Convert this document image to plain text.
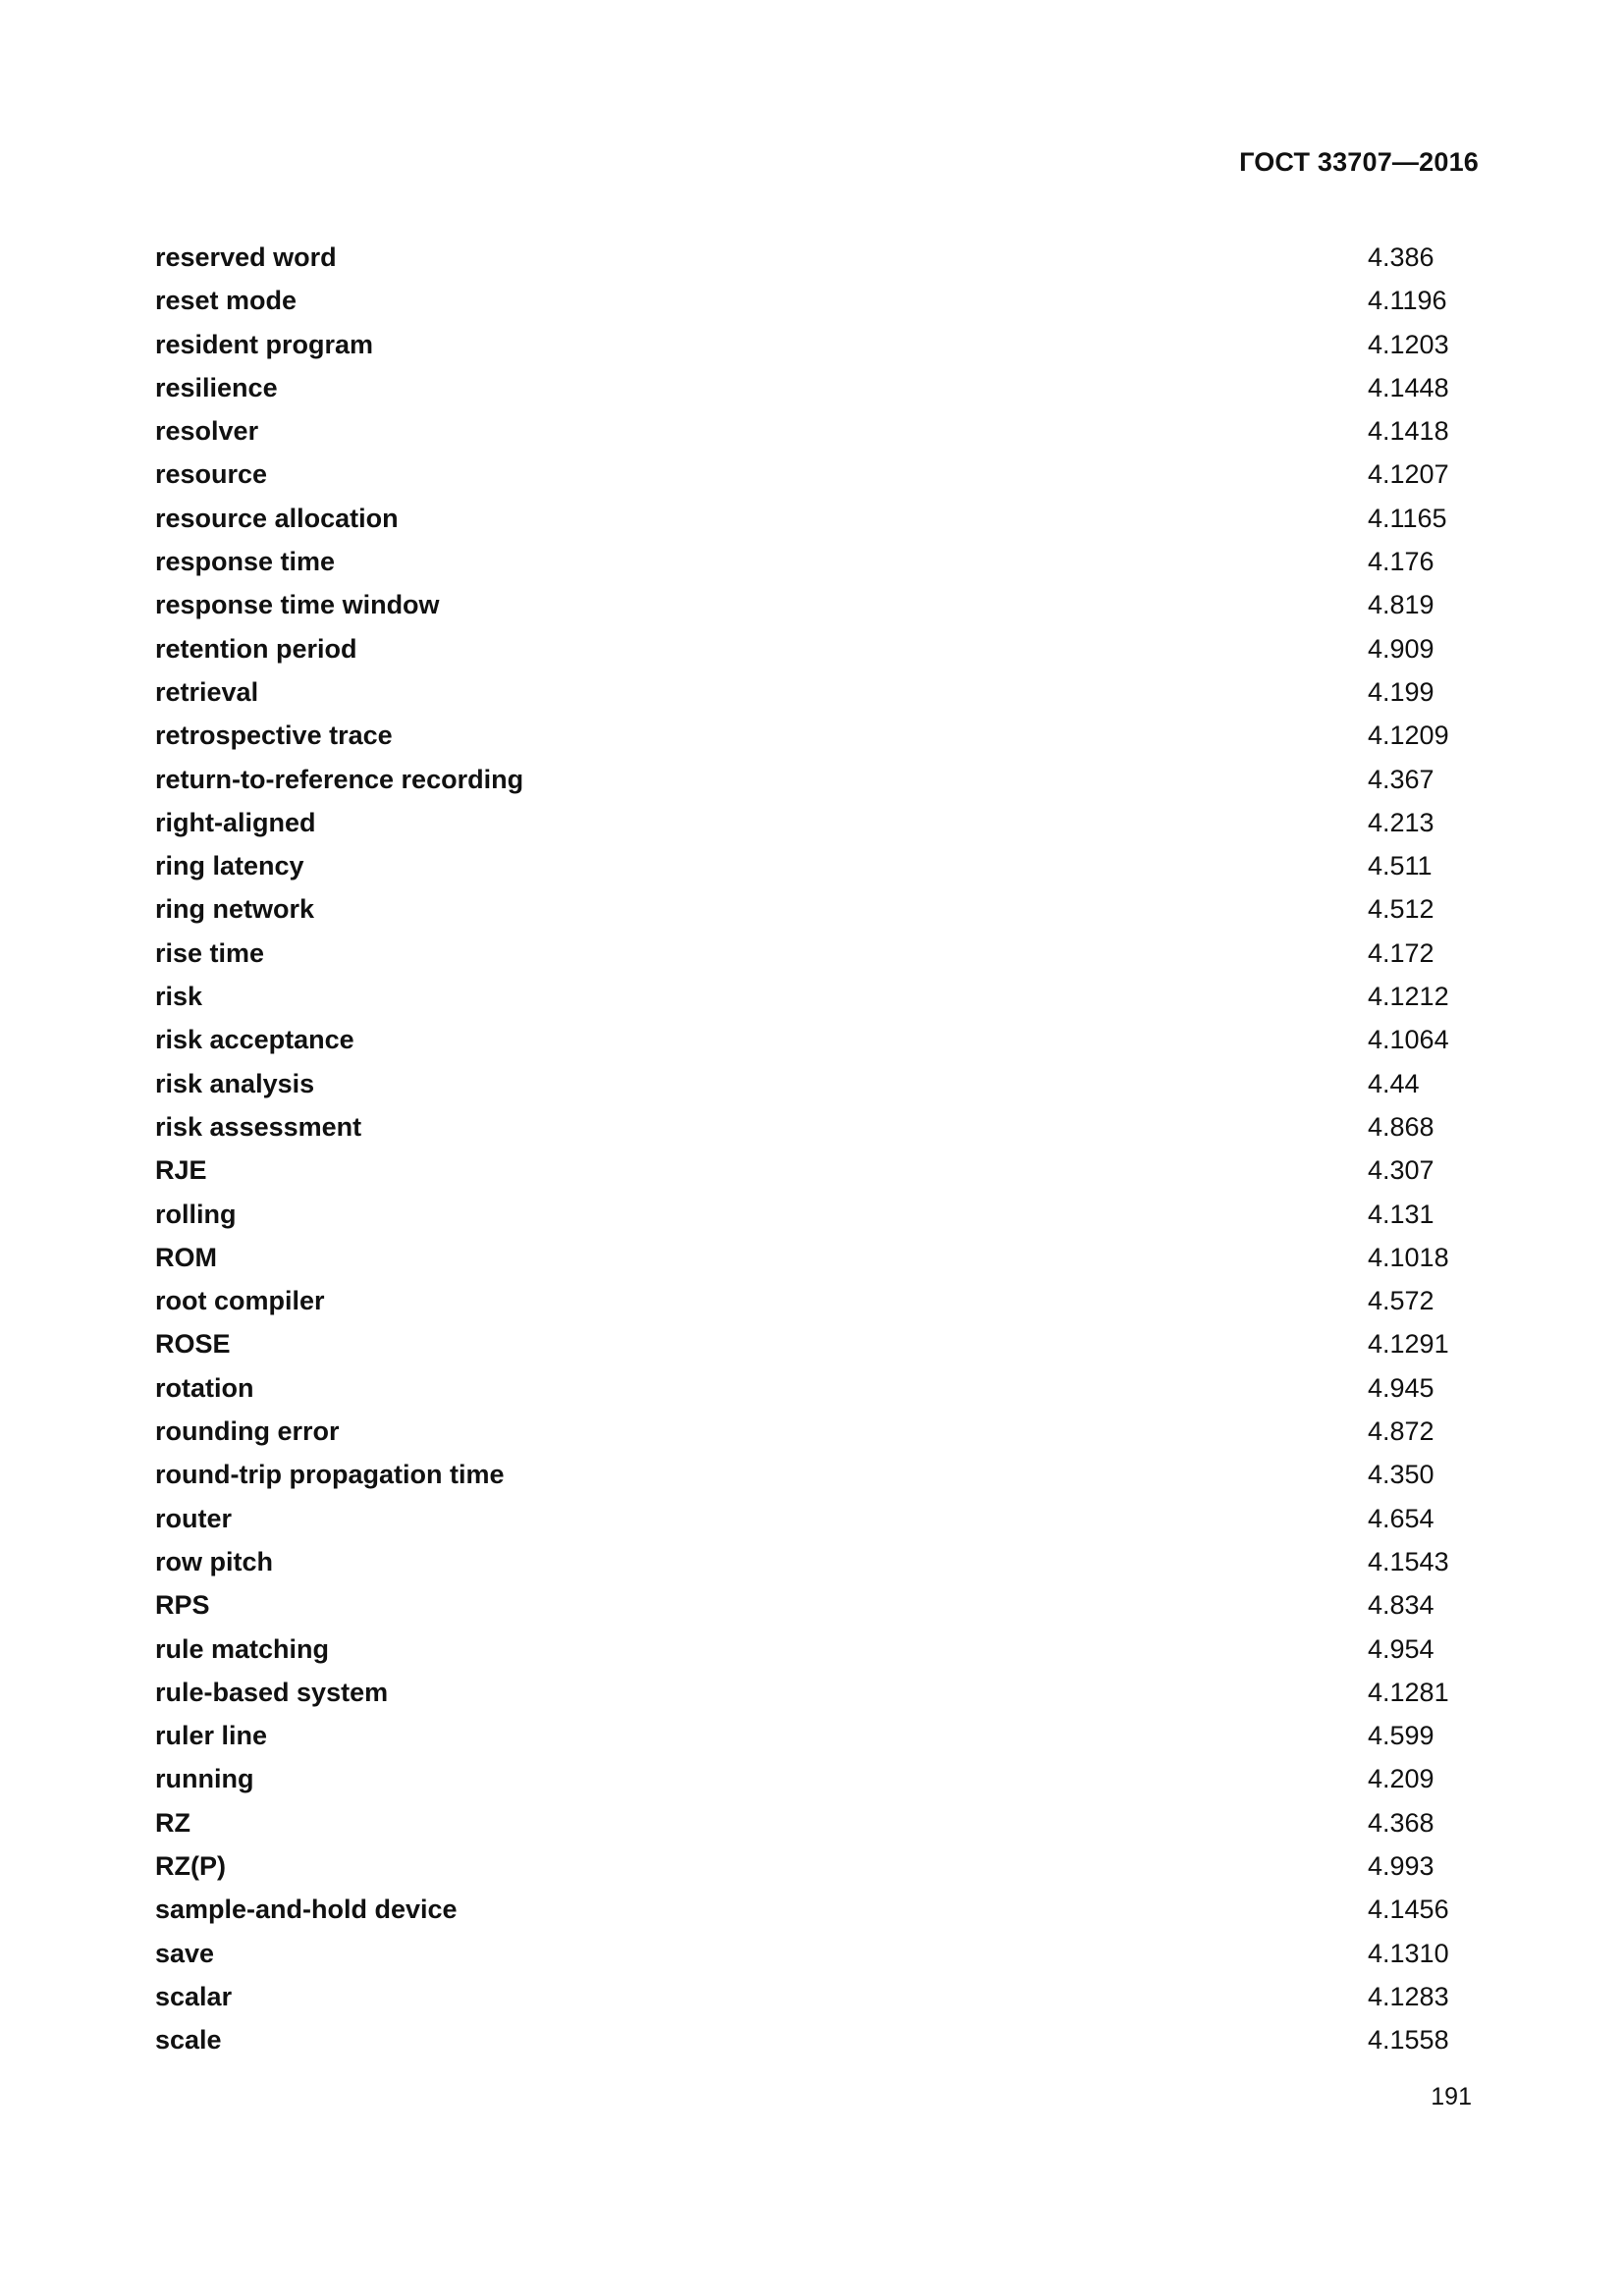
ГОСТ 33707—2016
reserved word	4.386
reset mode	4.1196
resident program	4.1203
resilience	4.1448
resolver	4.1418
resource	4.1207
resource allocation	4.1165
response time	4.176
response time window	4.819
retention period	4.909
retrieval	4.199
retrospective trace	4.1209
return-to-reference recording	4.367
right-aligned	4.213
ring latency	4.511
ring network	4.512
rise time	4.172
risk	4.1212
risk acceptance	4.1064
risk analysis	4.44
risk assessment	4.868
RJE	4.307
rolling	4.131
ROM	4.1018
root compiler	4.572
ROSE	4.1291
rotation	4.945
rounding error	4.872
round-trip propagation time	4.350
router	4.654
row pitch	4.1543
RPS	4.834
rule matching	4.954
rule-based system	4.1281
ruler line	4.599
running	4.209
RZ	4.368
RZ(P)	4.993
sample-and-hold device	4.1456
save	4.1310
scalar	4.1283
scale	4.1558
191
